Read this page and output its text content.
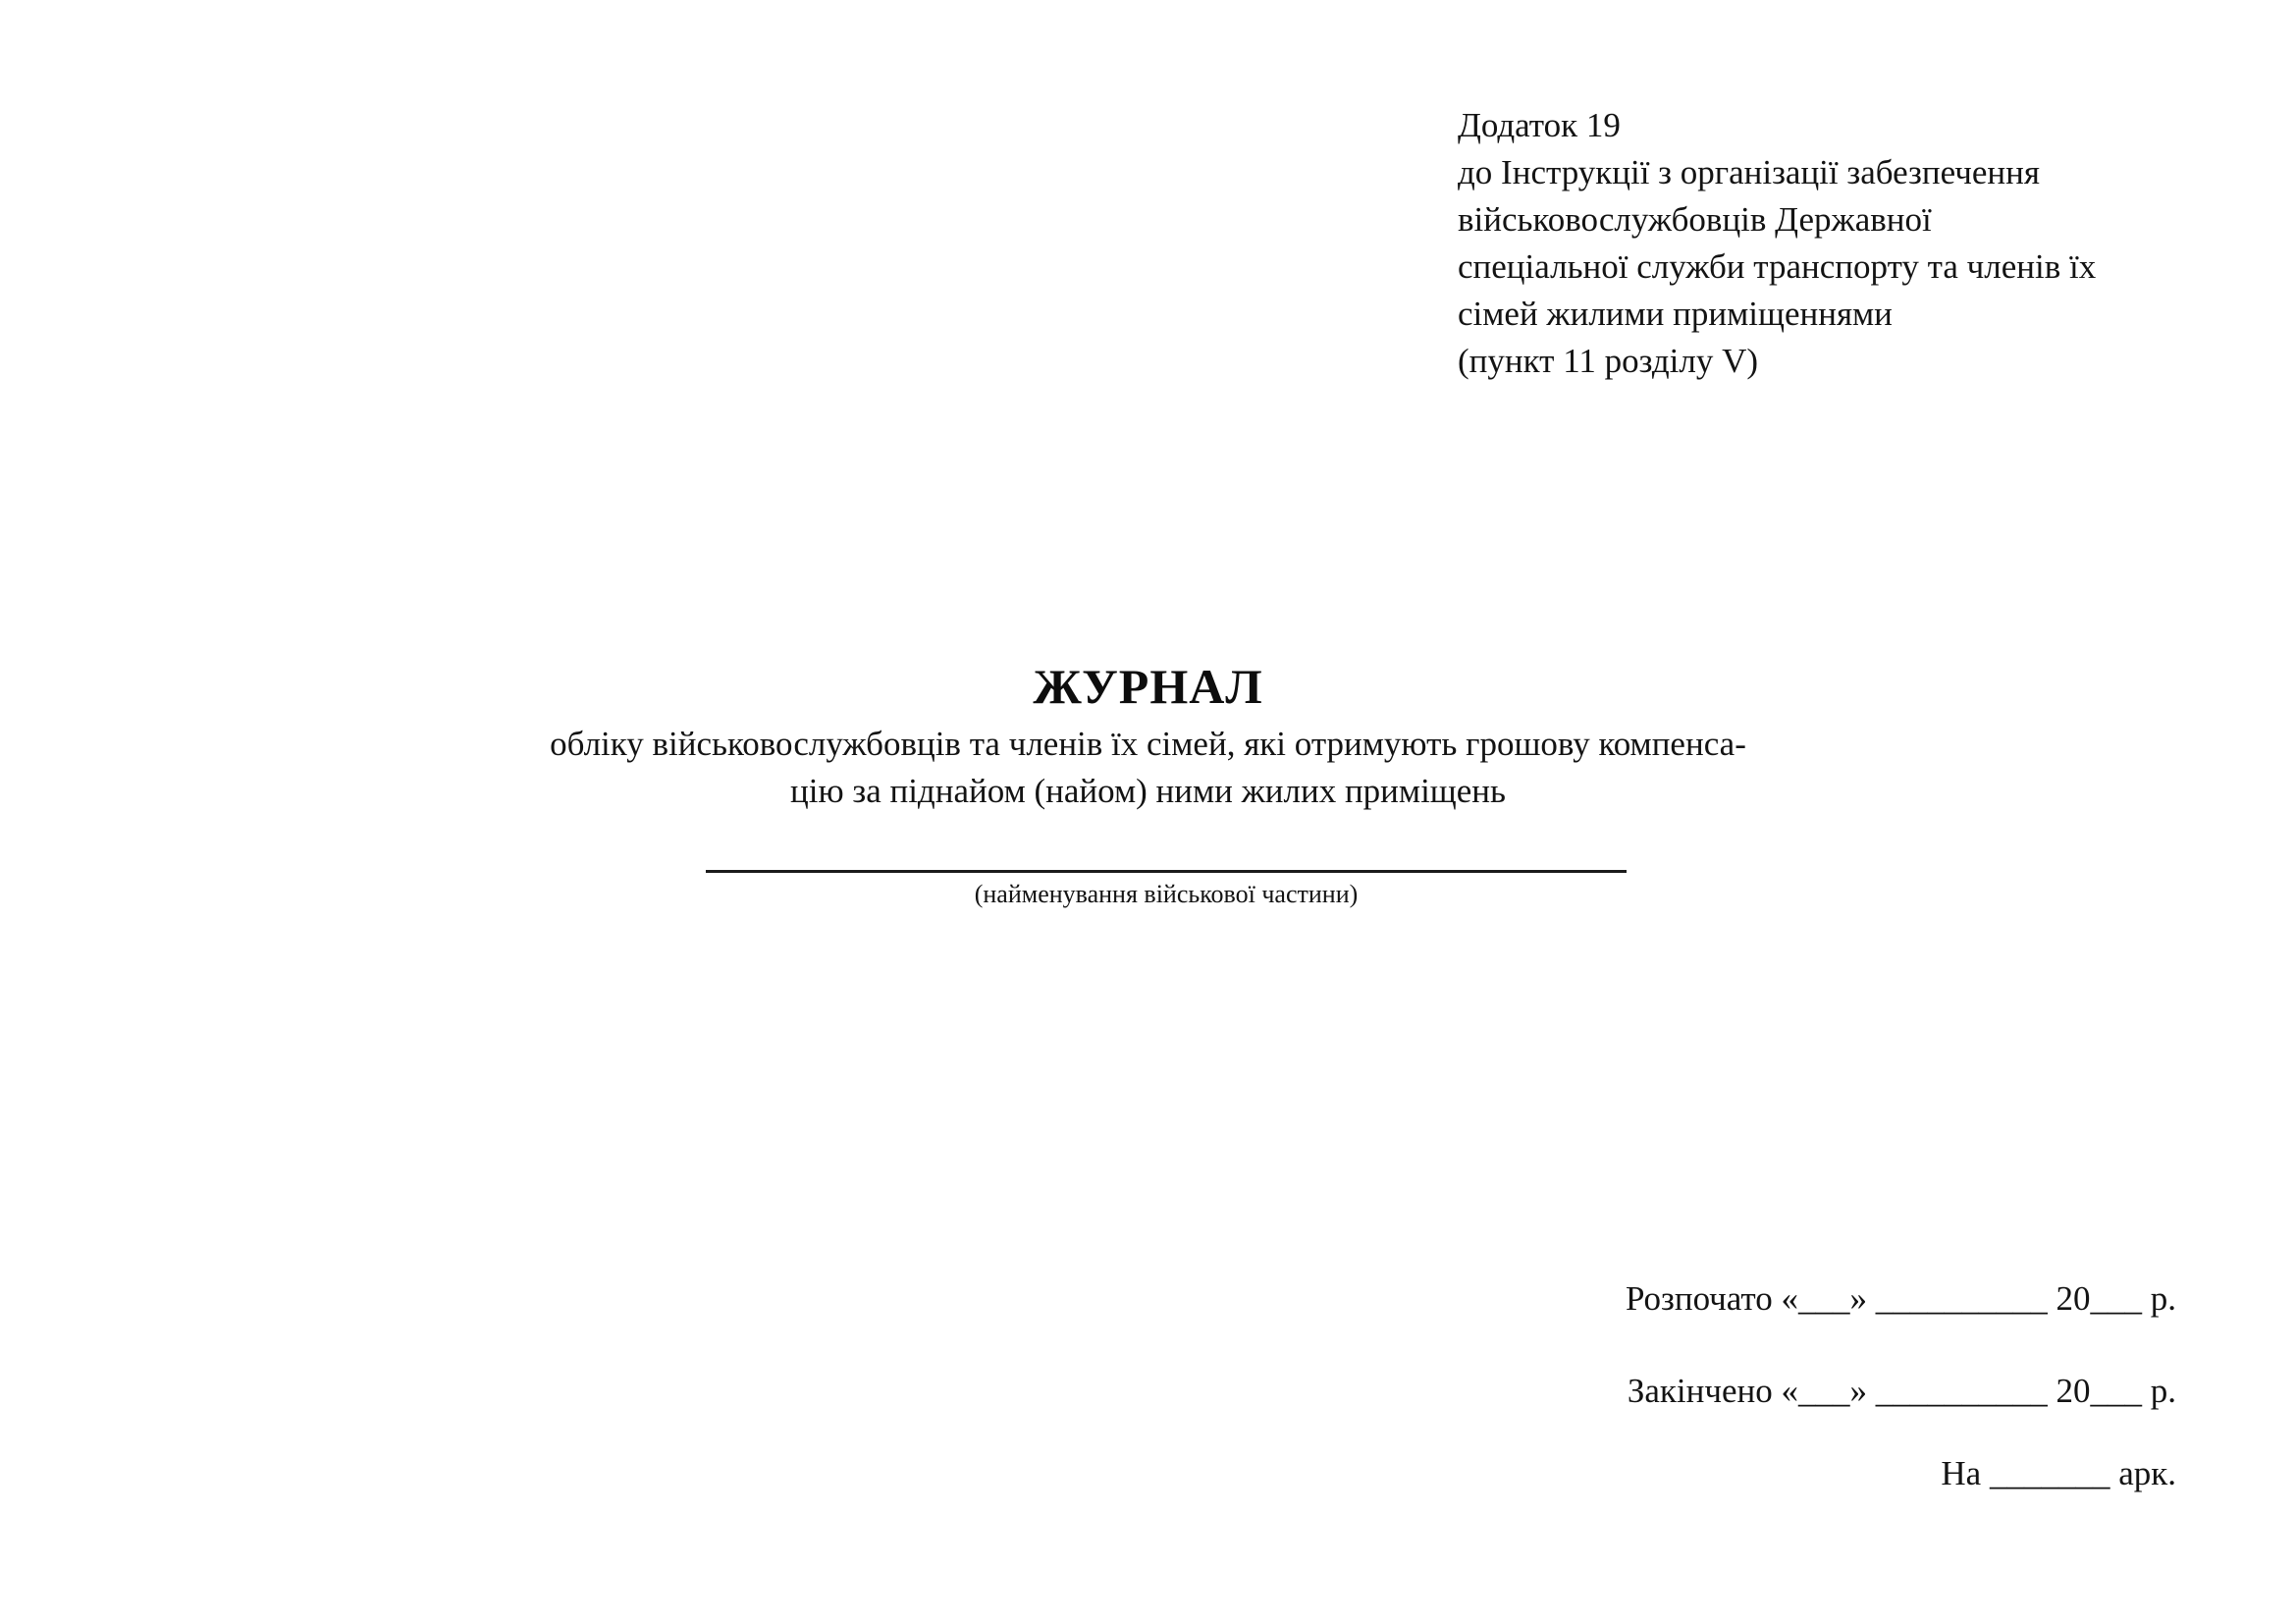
Додаток 19
до Інструкції з організації забезпечення
військовослужбовців Державної
спеціальної служби транспорту та членів їх
сімей жилими приміщеннями
(пункт 11 розділу V)
ЖУРНАЛ
обліку військовослужбовців та членів їх сімей, які отримують грошову компенса-
цію за піднайом (найом) ними жилих приміщень
(найменування військової частини)
Розпочато «___» __________ 20___ р.
Закінчено «___» __________ 20___ р.
На _______ арк.
